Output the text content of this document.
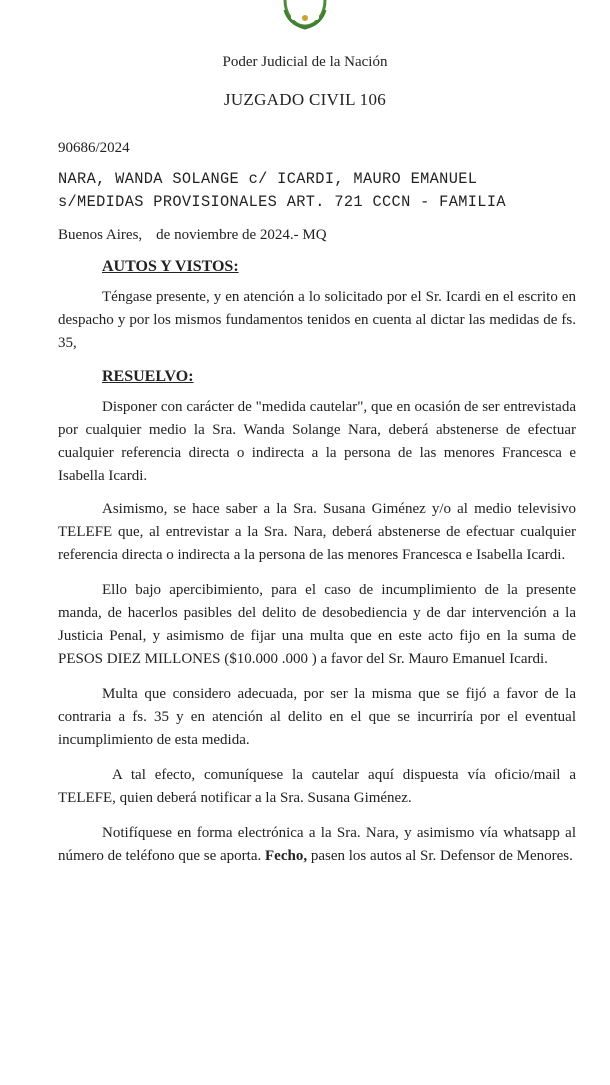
Poder Judicial de la Nación
JUZGADO CIVIL 106
90686/2024
NARA, WANDA SOLANGE c/ ICARDI, MAURO EMANUEL
s/MEDIDAS PROVISIONALES ART. 721 CCCN - FAMILIA
Buenos Aires, de noviembre de 2024.- MQ
AUTOS Y VISTOS:

Téngase presente, y en atención a lo solicitado por el Sr. Icardi en el escrito en despacho y por los mismos fundamentos tenidos en cuenta al dictar las medidas de fs. 35,

RESUELVO:

Disponer con carácter de "medida cautelar", que en ocasión de ser entrevistada por cualquier medio la Sra. Wanda Solange Nara, deberá abstenerse de efectuar cualquier referencia directa o indirecta a la persona de las menores Francesca e Isabella Icardi.

Asimismo, se hace saber a la Sra. Susana Giménez y/o al medio televisivo TELEFE que, al entrevistar a la Sra. Nara, deberá abstenerse de efectuar cualquier referencia directa o indirecta a la persona de las menores Francesca e Isabella Icardi.

Ello bajo apercibimiento, para el caso de incumplimiento de la presente manda, de hacerlos pasibles del delito de desobediencia y de dar intervención a la Justicia Penal, y asimismo de fijar una multa que en este acto fijo en la suma de PESOS DIEZ MILLONES ($10.000 .000 ) a favor del Sr. Mauro Emanuel Icardi.

Multa que considero adecuada, por ser la misma que se fijó a favor de la contraria a fs. 35 y en atención al delito en el que se incurriría por el eventual incumplimiento de esta medida.

A tal efecto, comuníquese la cautelar aquí dispuesta vía oficio/mail a TELEFE, quien deberá notificar a la Sra. Susana Giménez.

Notifíquese en forma electrónica a la Sra. Nara, y asimismo vía whatsapp al número de teléfono que se aporta. Fecho, pasen los autos al Sr. Defensor de Menores.
